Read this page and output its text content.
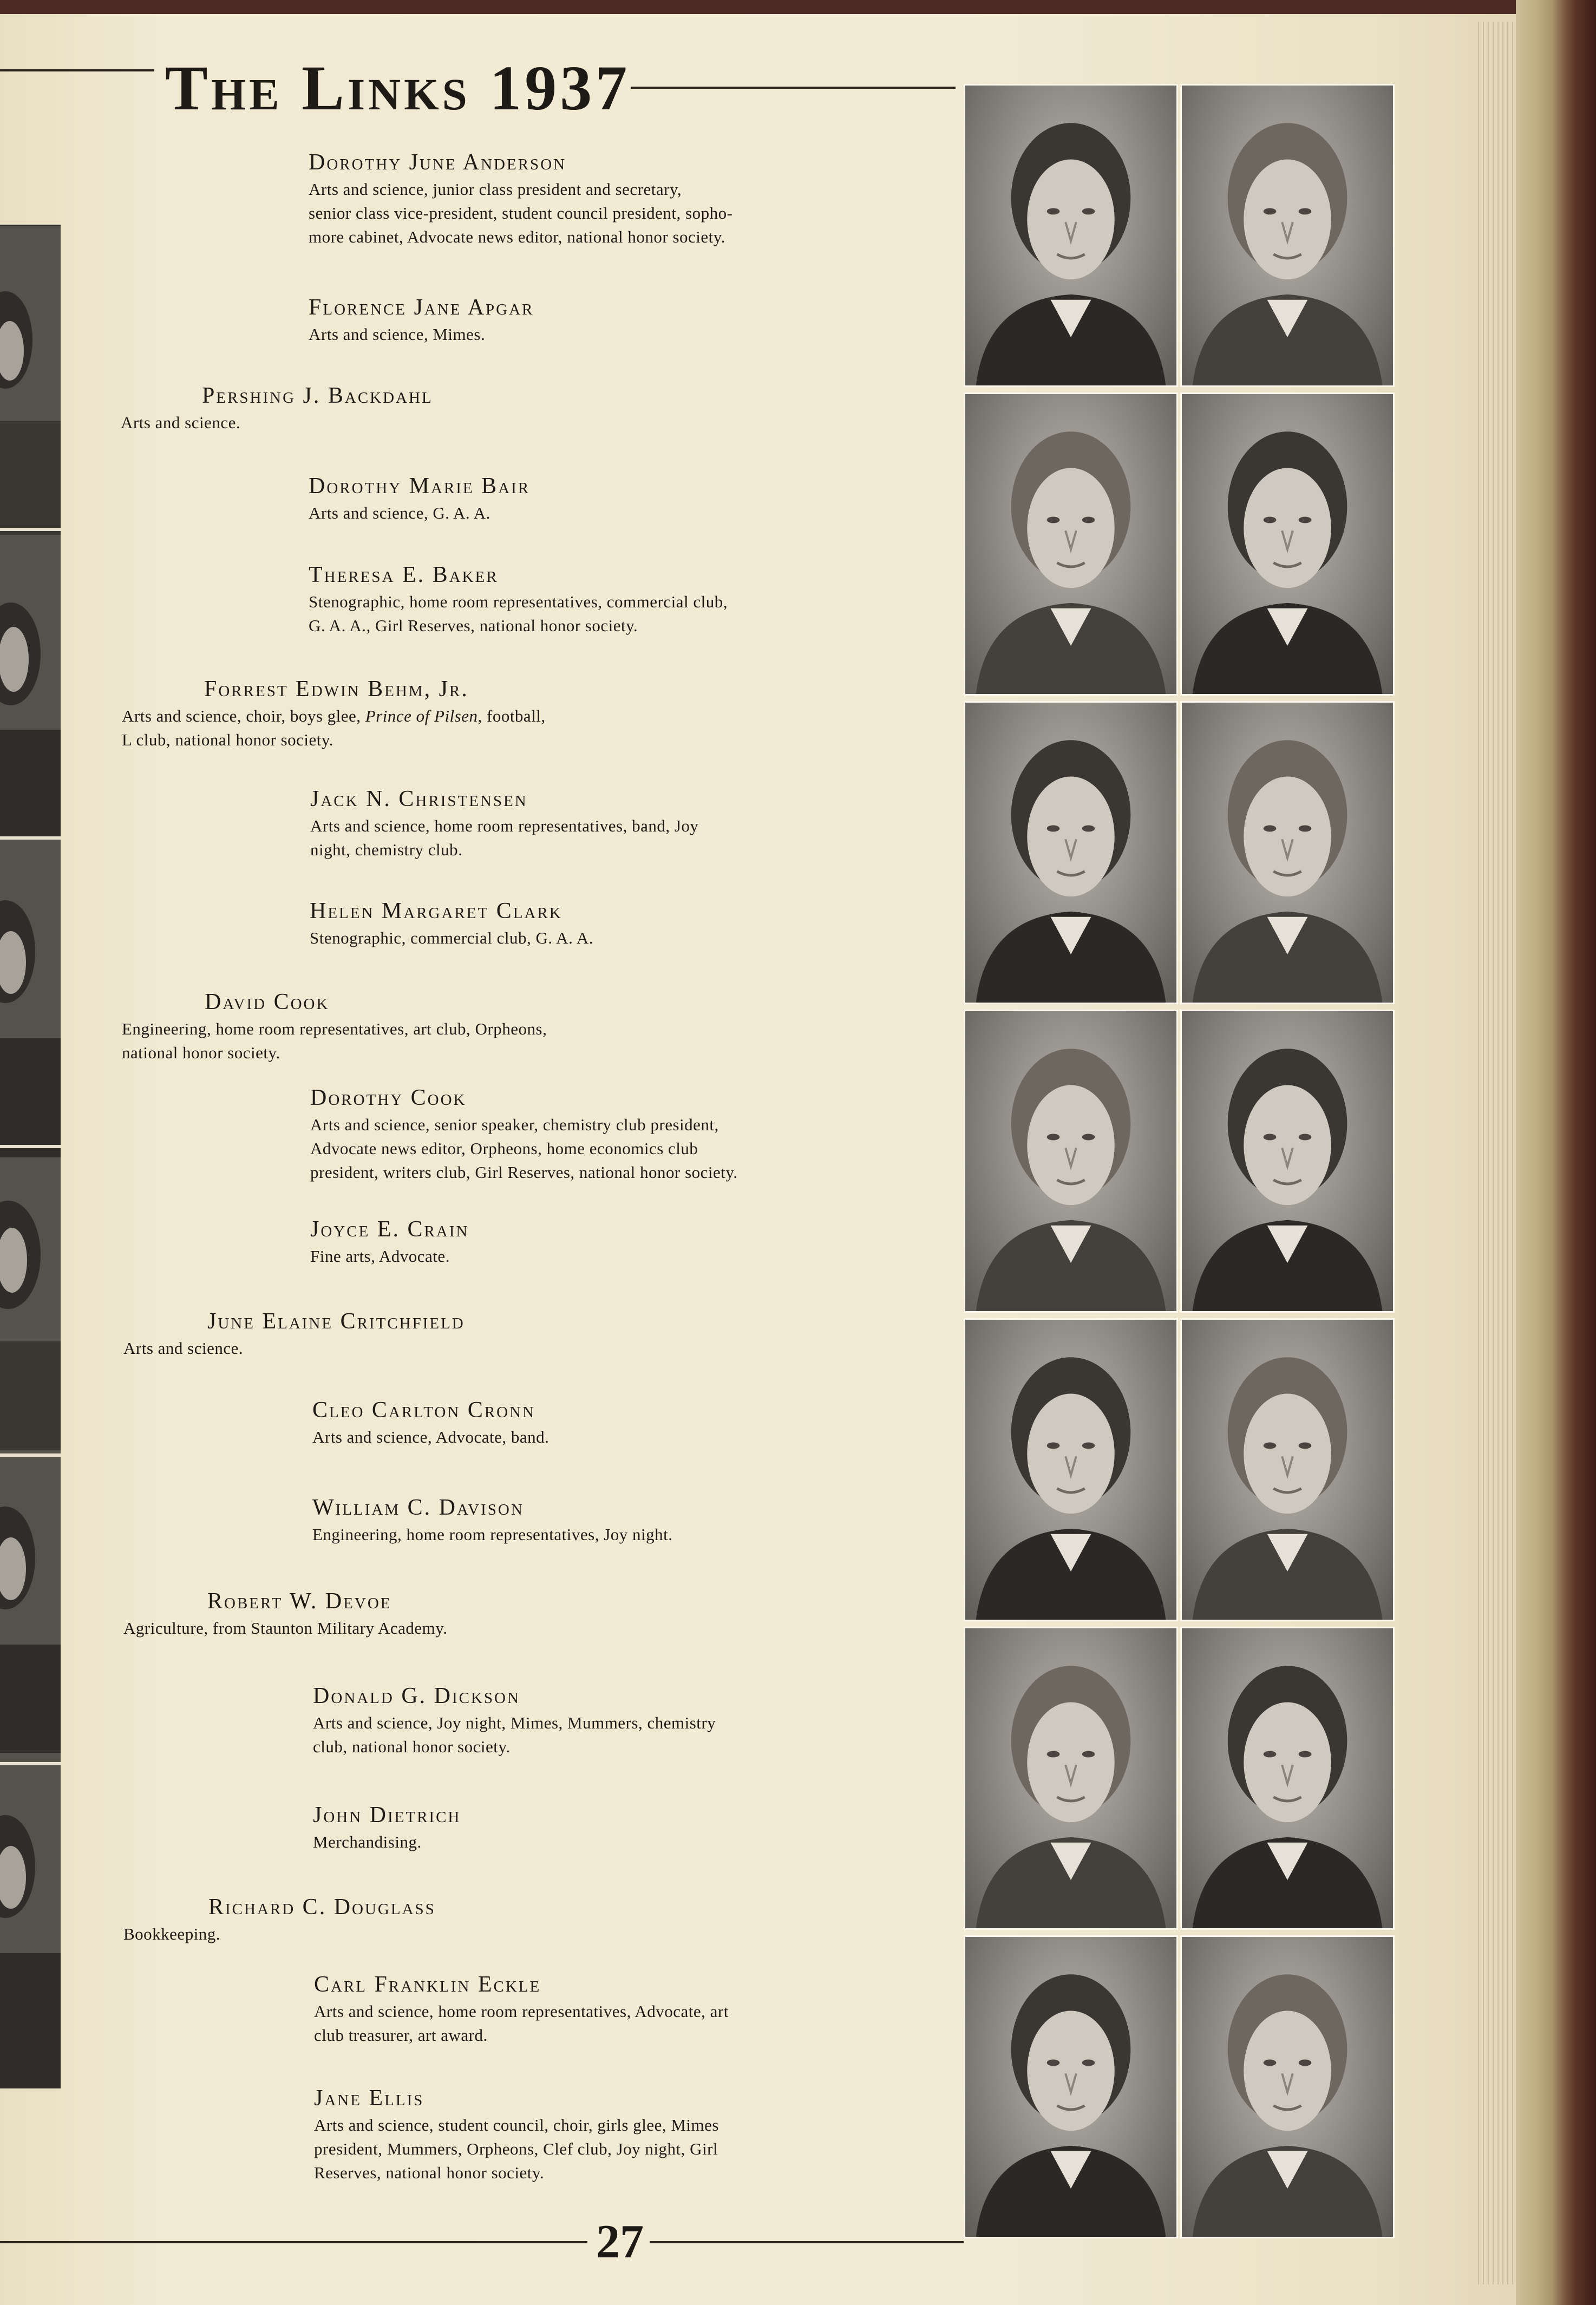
The Links 1937
27
Dorothy June Anderson
Arts and science, junior class president and secretary,
senior class vice-president, student council president, sopho-
more cabinet, Advocate news editor, national honor society.
Florence Jane Apgar
Arts and science, Mimes.
Pershing J. Backdahl
Arts and science.
Dorothy Marie Bair
Arts and science, G. A. A.
Theresa E. Baker
Stenographic, home room representatives, commercial club,
G. A. A., Girl Reserves, national honor society.
Forrest Edwin Behm, Jr.
Arts and science, choir, boys glee, Prince of Pilsen, football,
L club, national honor society.
Jack N. Christensen
Arts and science, home room representatives, band, Joy
night, chemistry club.
Helen Margaret Clark
Stenographic, commercial club, G. A. A.
David Cook
Engineering, home room representatives, art club, Orpheons,
national honor society.
Dorothy Cook
Arts and science, senior speaker, chemistry club president,
Advocate news editor, Orpheons, home economics club
president, writers club, Girl Reserves, national honor society.
Joyce E. Crain
Fine arts, Advocate.
June Elaine Critchfield
Arts and science.
Cleo Carlton Cronn
Arts and science, Advocate, band.
William C. Davison
Engineering, home room representatives, Joy night.
Robert W. Devoe
Agriculture, from Staunton Military Academy.
Donald G. Dickson
Arts and science, Joy night, Mimes, Mummers, chemistry
club, national honor society.
John Dietrich
Merchandising.
Richard C. Douglass
Bookkeeping.
Carl Franklin Eckle
Arts and science, home room representatives, Advocate, art
club treasurer, art award.
Jane Ellis
Arts and science, student council, choir, girls glee, Mimes
president, Mummers, Orpheons, Clef club, Joy night, Girl
Reserves, national honor society.
